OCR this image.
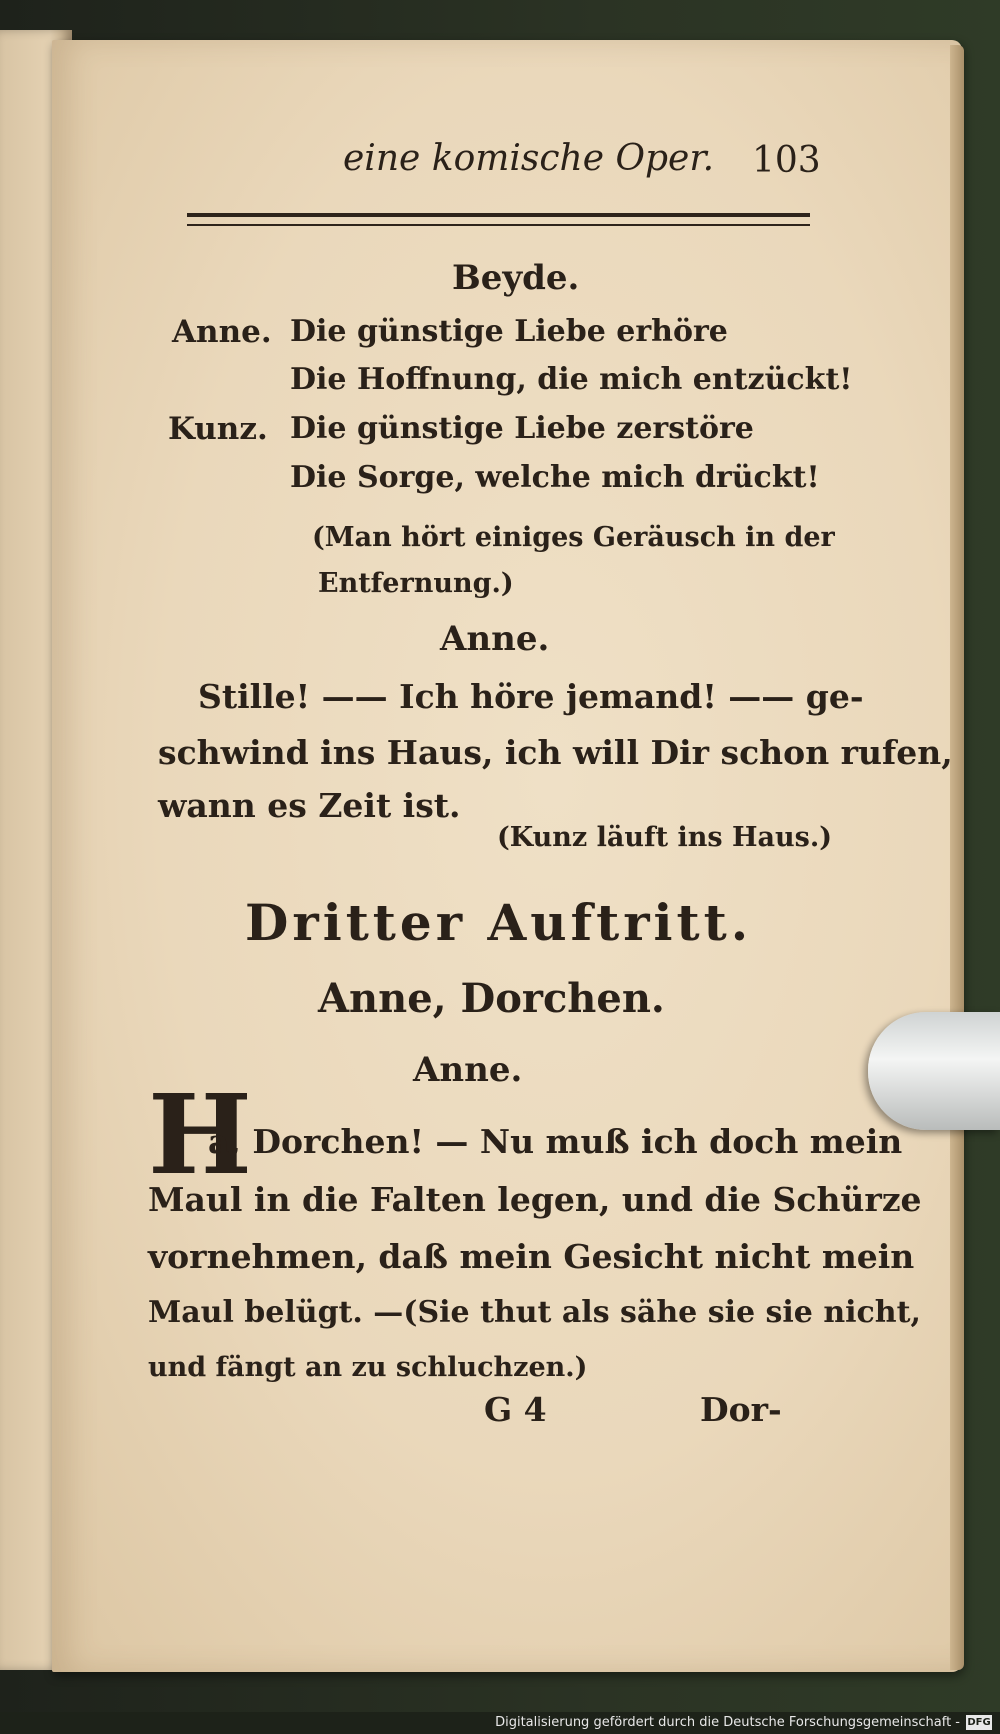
eine komische Oper. 103
Beyde.
Anne. Die günstige Liebe erhöre
Die Hoffnung, die mich entzückt!
Kunz. Die günstige Liebe zerstöre
Die Sorge, welche mich drückt!
(Man hört einiges Geräusch in der
Entfernung.)
Anne.
Stille! —— Ich höre jemand! —— ge-
schwind ins Haus, ich will Dir schon rufen,
wann es Zeit ist.
(Kunz läuft ins Haus.)
Dritter Auftritt.
Anne, Dorchen.
Anne.
H
a, Dorchen! — Nu muß ich doch mein
Maul in die Falten legen, und die Schürze
vornehmen, daß mein Gesicht nicht mein
Maul belügt. —(Sie thut als sähe sie sie nicht,
und fängt an zu schluchzen.)
G 4	Dor-
Digitalisierung gefördert durch die Deutsche Forschungsgemeinschaft - DFG
